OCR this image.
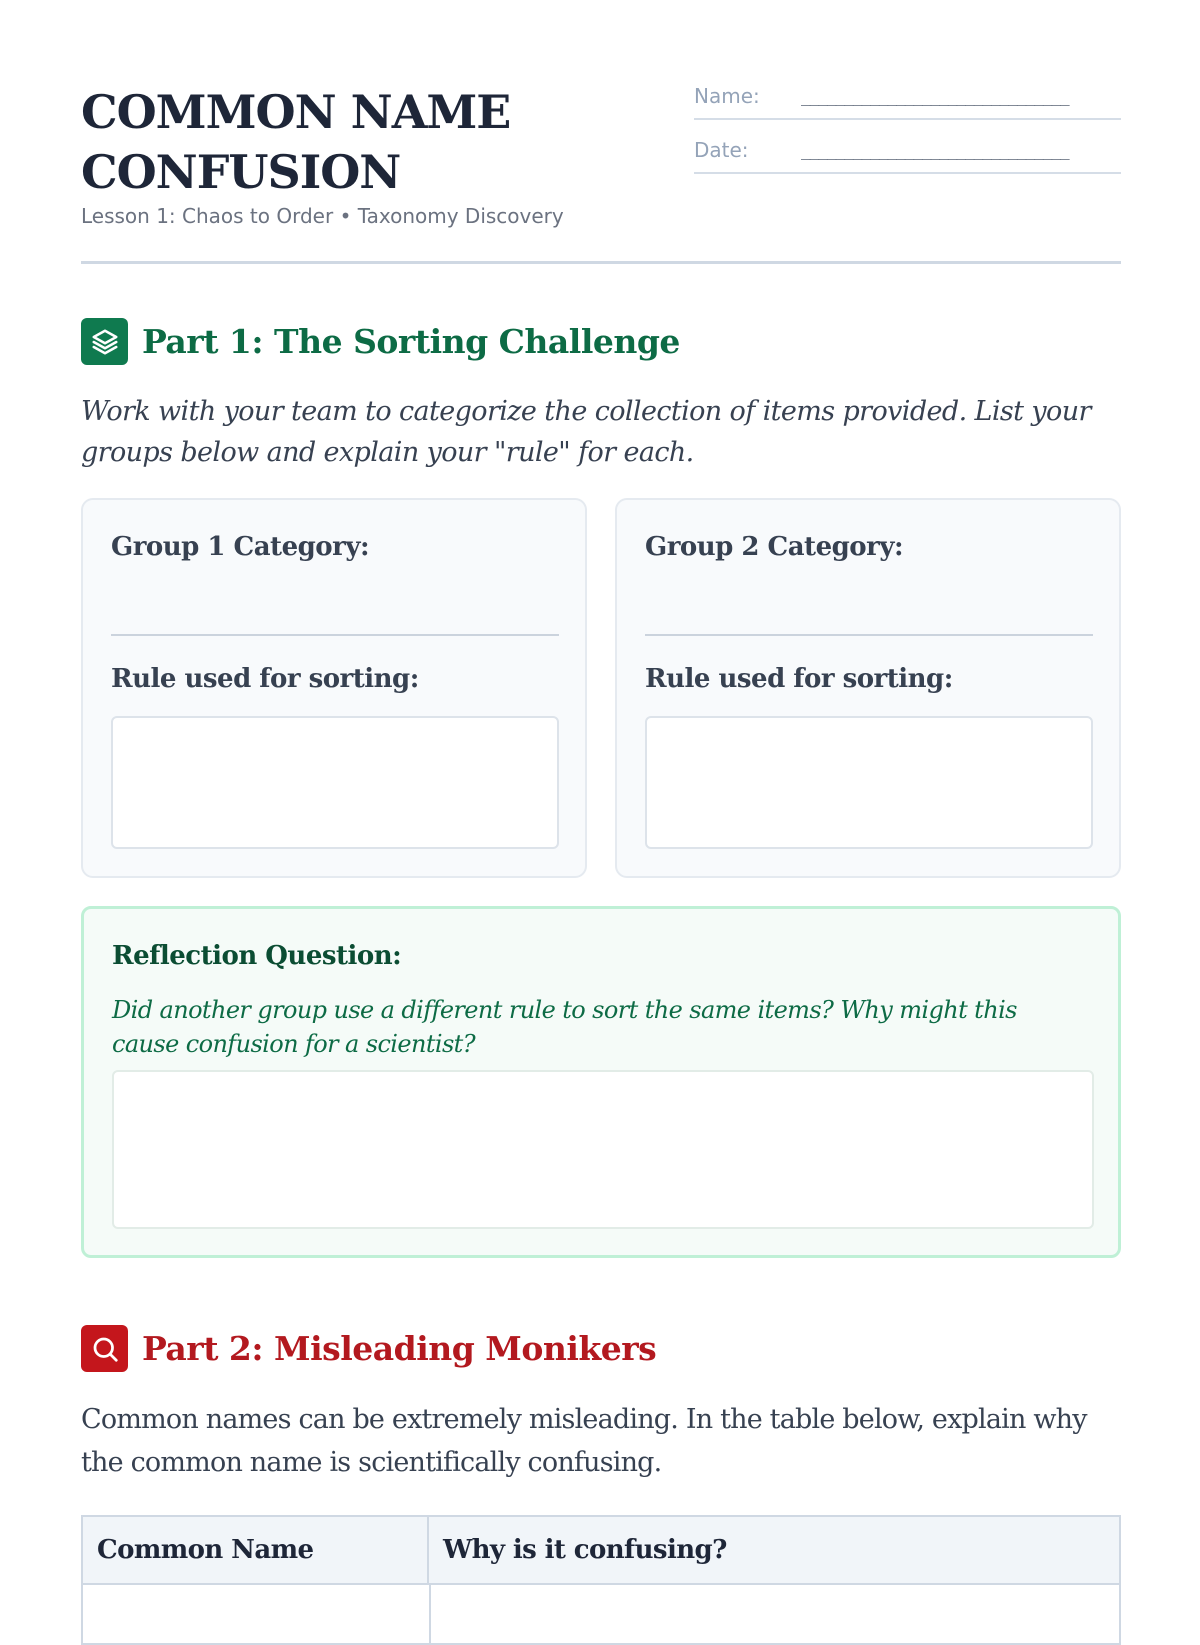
COMMON NAME CONFUSION
Lesson 1: Chaos to Order • Taxonomy Discovery
Name:	_______________________________
Date:	_______________________________
Part 1: The Sorting Challenge
Work with your team to categorize the collection of items provided. List your groups below and explain your "rule" for each.
Group 1 Category:
Rule used for sorting:
Group 2 Category:
Rule used for sorting:
Reflection Question:
Did another group use a different rule to sort the same items? Why might this cause confusion for a scientist?
Part 2: Misleading Monikers
Common names can be extremely misleading. In the table below, explain why the common name is scientifically confusing.
Common Name	Why is it confusing?
